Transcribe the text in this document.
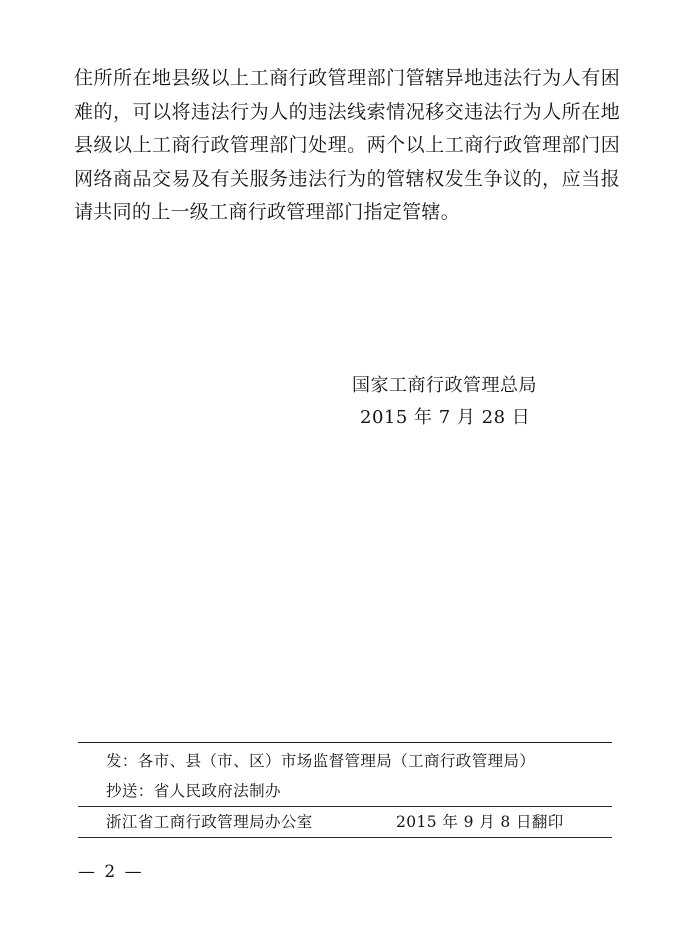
住所所在地县级以上工商行政管理部门管辖异地违法行为人有困难的，可以将违法行为人的违法线索情况移交违法行为人所在地县级以上工商行政管理部门处理。两个以上工商行政管理部门因网络商品交易及有关服务违法行为的管辖权发生争议的，应当报请共同的上一级工商行政管理部门指定管辖。

国家工商行政管理总局
2015 年 7 月 28 日
发：各市、县（市、区）市场监督管理局（工商行政管理局）
抄送：省人民政府法制办
浙江省工商行政管理局办公室	2015 年 9 月 8 日翻印
— 2 —
